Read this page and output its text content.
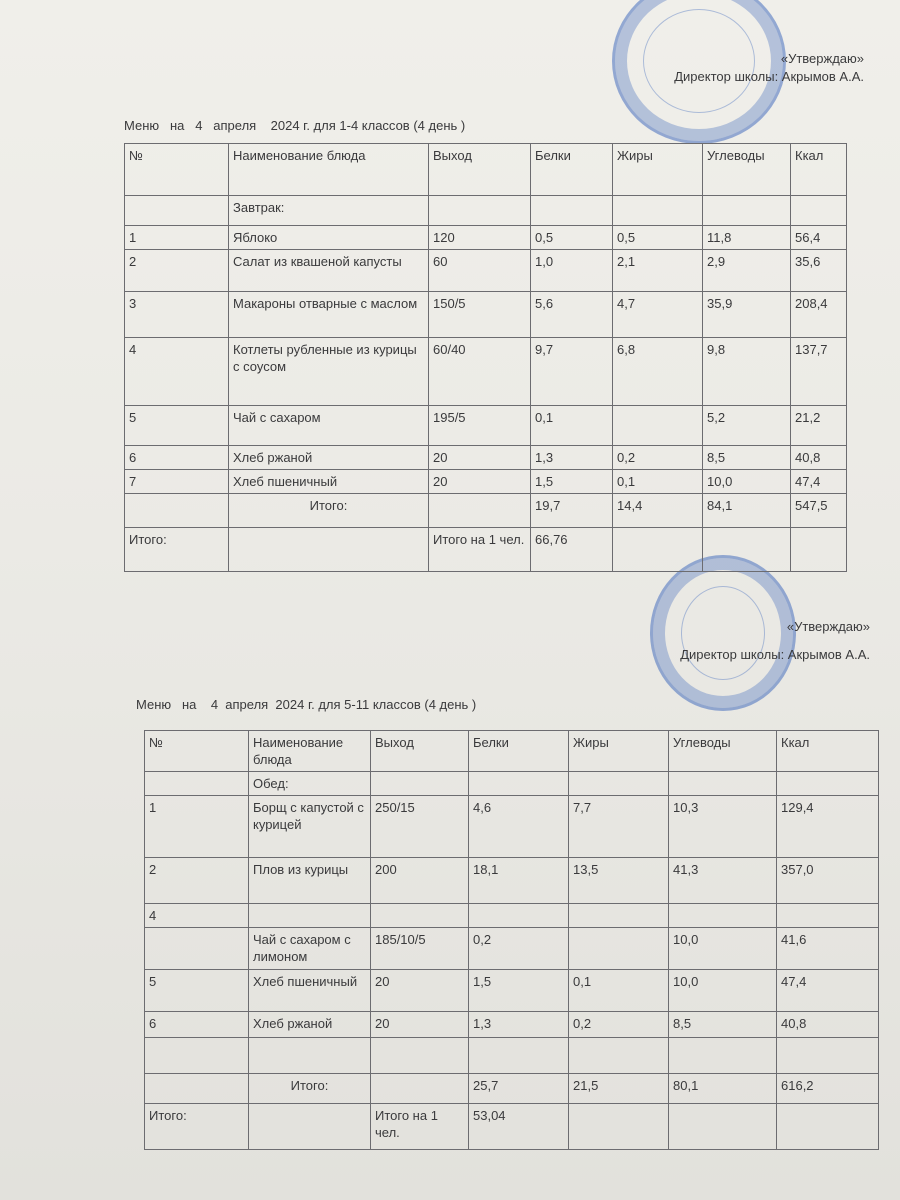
«Утверждаю»
Директор школы: Акрымов А.А.
Меню   на   4   апреля    2024 г. для 1-4 классов (4 день )
№	Наименование блюда	Выход	Белки	Жиры	Углеводы	Ккал
	Завтрак:					
1	Яблоко	120	0,5	0,5	11,8	56,4
2	Салат из квашеной капусты	60	1,0	2,1	2,9	35,6
3	Макароны отварные с маслом	150/5	5,6	4,7	35,9	208,4
4	Котлеты рубленные из курицы с соусом	60/40	9,7	6,8	9,8	137,7
5	Чай с сахаром	195/5	0,1		5,2	21,2
6	Хлеб ржаной	20	1,3	0,2	8,5	40,8
7	Хлеб пшеничный	20	1,5	0,1	10,0	47,4
	Итого:		19,7	14,4	84,1	547,5
Итого:		Итого на 1 чел.	66,76			
«Утверждаю»
Директор школы: Акрымов А.А.
Меню   на    4  апреля  2024 г. для 5-11 классов (4 день )
№	Наименование блюда	Выход	Белки	Жиры	Углеводы	Ккал
	Обед:					
1	Борщ с капустой с курицей	250/15	4,6	7,7	10,3	129,4
2	Плов из курицы	200	18,1	13,5	41,3	357,0
4						
	Чай с сахаром с лимоном	185/10/5	0,2		10,0	41,6
5	Хлеб пшеничный	20	1,5	0,1	10,0	47,4
6	Хлеб ржаной	20	1,3	0,2	8,5	40,8

	Итого:		25,7	21,5	80,1	616,2
Итого:		Итого на 1 чел.	53,04			
